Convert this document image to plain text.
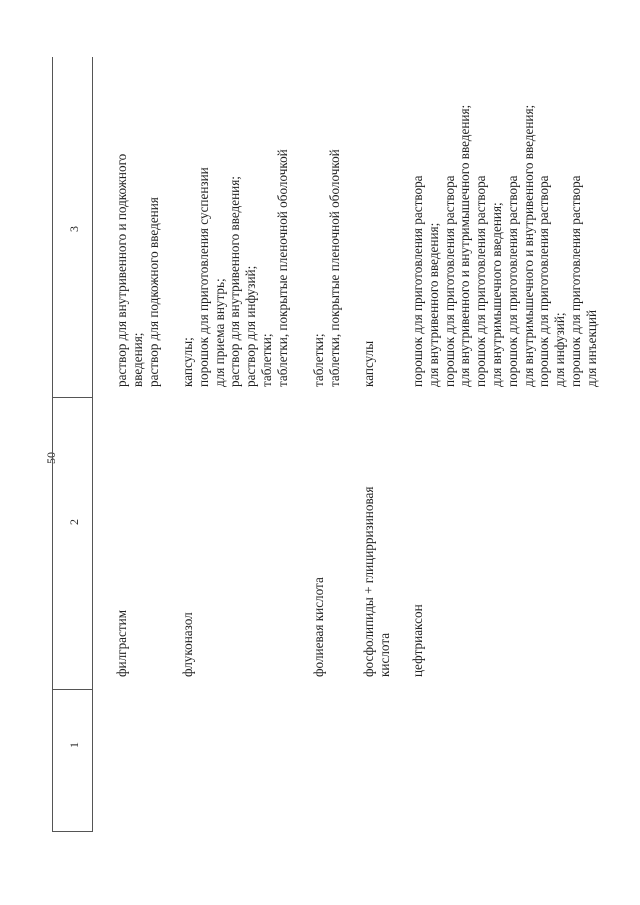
50
1
2
3
филграстим
раствор для внутривенного и подкожного введения; раствор для подкожного введения
флуконазол
капсулы; порошок для приготовления суспензии для приема внутрь; раствор для внутривенного введения; раствор для инфузий; таблетки; таблетки, покрытые пленочной оболочкой
фолиевая кислота
таблетки; таблетки, покрытые пленочной оболочкой
фосфолипиды + глицирризиновая кислота
капсулы
цефтриаксон
порошок для приготовления раствора для внутривенного введения; порошок для приготовления раствора для внутривенного и внутримышечного введения; порошок для приготовления раствора для внутримышечного введения; порошок для приготовления раствора для внутримышечного и внутривенного введения; порошок для приготовления раствора для инфузий; порошок для приготовления раствора для инъекций
